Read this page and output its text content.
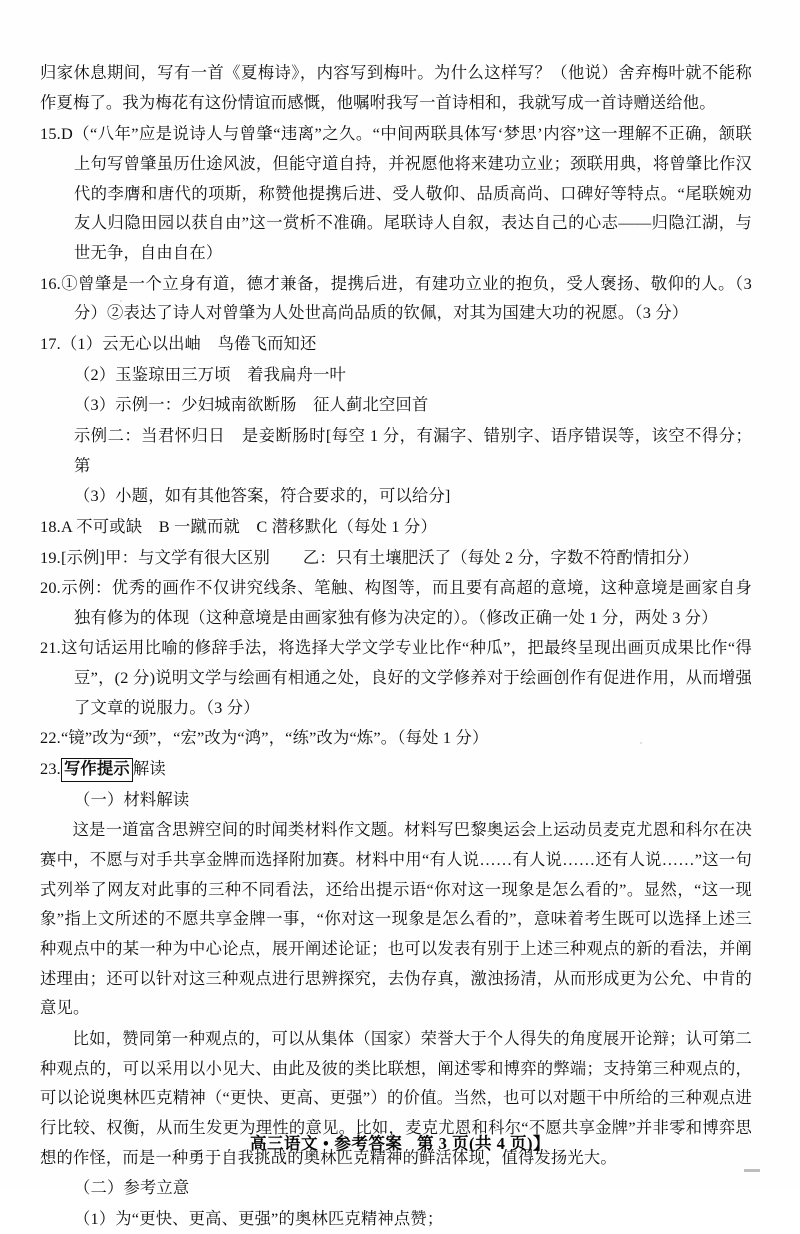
归家休息期间，写有一首《夏梅诗》，内容写到梅叶。为什么这样写？（他说）舍弃梅叶就不能称作夏梅了。我为梅花有这份情谊而感慨，他嘱咐我写一首诗相和，我就写成一首诗赠送给他。

15.D（“八年”应是说诗人与曾肇“违离”之久。“中间两联具体写‘梦思’内容”这一理解不正确，颔联上句写曾肇虽历仕途风波，但能守道自持，并祝愿他将来建功立业；颈联用典，将曾肇比作汉代的李膺和唐代的项斯，称赞他提携后进、受人敬仰、品质高尚、口碑好等特点。“尾联婉劝友人归隐田园以获自由”这一赏析不准确。尾联诗人自叙，表达自己的心志——归隐江湖，与世无争，自由自在）

16.①曾肇是一个立身有道，德才兼备，提携后进，有建功立业的抱负，受人褒扬、敬仰的人。（3 分）②表达了诗人对曾肇为人处世高尚品质的钦佩，对其为国建大功的祝愿。（3 分）

17.（1）云无心以出岫　鸟倦飞而知还

（2）玉鉴琼田三万顷　着我扁舟一叶

（3）示例一：少妇城南欲断肠　征人蓟北空回首

示例二：当君怀归日　是妾断肠时[每空 1 分，有漏字、错别字、语序错误等，该空不得分；第

（3）小题，如有其他答案，符合要求的，可以给分]

18.A 不可或缺　B 一蹴而就　C 潜移默化（每处 1 分）

19.[示例]甲：与文学有很大区别　　乙：只有土壤肥沃了（每处 2 分，字数不符酌情扣分）

20.示例：优秀的画作不仅讲究线条、笔触、构图等，而且要有高超的意境，这种意境是画家自身独有修为的体现（这种意境是由画家独有修为决定的）。（修改正确一处 1 分，两处 3 分）

21.这句话运用比喻的修辞手法，将选择大学文学专业比作“种瓜”，把最终呈现出画页成果比作“得豆”，(2 分)说明文学与绘画有相通之处，良好的文学修养对于绘画创作有促进作用，从而增强了文章的说服力。（3 分）

22.“镜”改为“颈”，“宏”改为“鸿”，“练”改为“炼”。（每处 1 分）

23. 写作提示 解读

（一）材料解读

这是一道富含思辨空间的时闻类材料作文题。材料写巴黎奥运会上运动员麦克尤恩和科尔在决赛中，不愿与对手共享金牌而选择附加赛。材料中用“有人说……有人说……还有人说……”这一句式列举了网友对此事的三种不同看法，还给出提示语“你对这一现象是怎么看的”。显然，“这一现象”指上文所述的不愿共享金牌一事，“你对这一现象是怎么看的”，意味着考生既可以选择上述三种观点中的某一种为中心论点，展开阐述论证；也可以发表有别于上述三种观点的新的看法，并阐述理由；还可以针对这三种观点进行思辨探究，去伪存真，激浊扬清，从而形成更为公允、中肯的意见。

比如，赞同第一种观点的，可以从集体（国家）荣誉大于个人得失的角度展开论辩；认可第二种观点的，可以采用以小见大、由此及彼的类比联想，阐述零和博弈的弊端；支持第三种观点的，可以论说奥林匹克精神（“更快、更高、更强”）的价值。当然，也可以对题干中所给的三种观点进行比较、权衡，从而生发更为理性的意见。比如，麦克尤恩和科尔“不愿共享金牌”并非零和博弈思想的作怪，而是一种勇于自我挑战的奥林匹克精神的鲜活体现，值得发扬光大。

（二）参考立意

（1）为“更快、更高、更强”的奥林匹克精神点赞；

高三语文 • 参考答案 第 3 页(共 4 页)】
